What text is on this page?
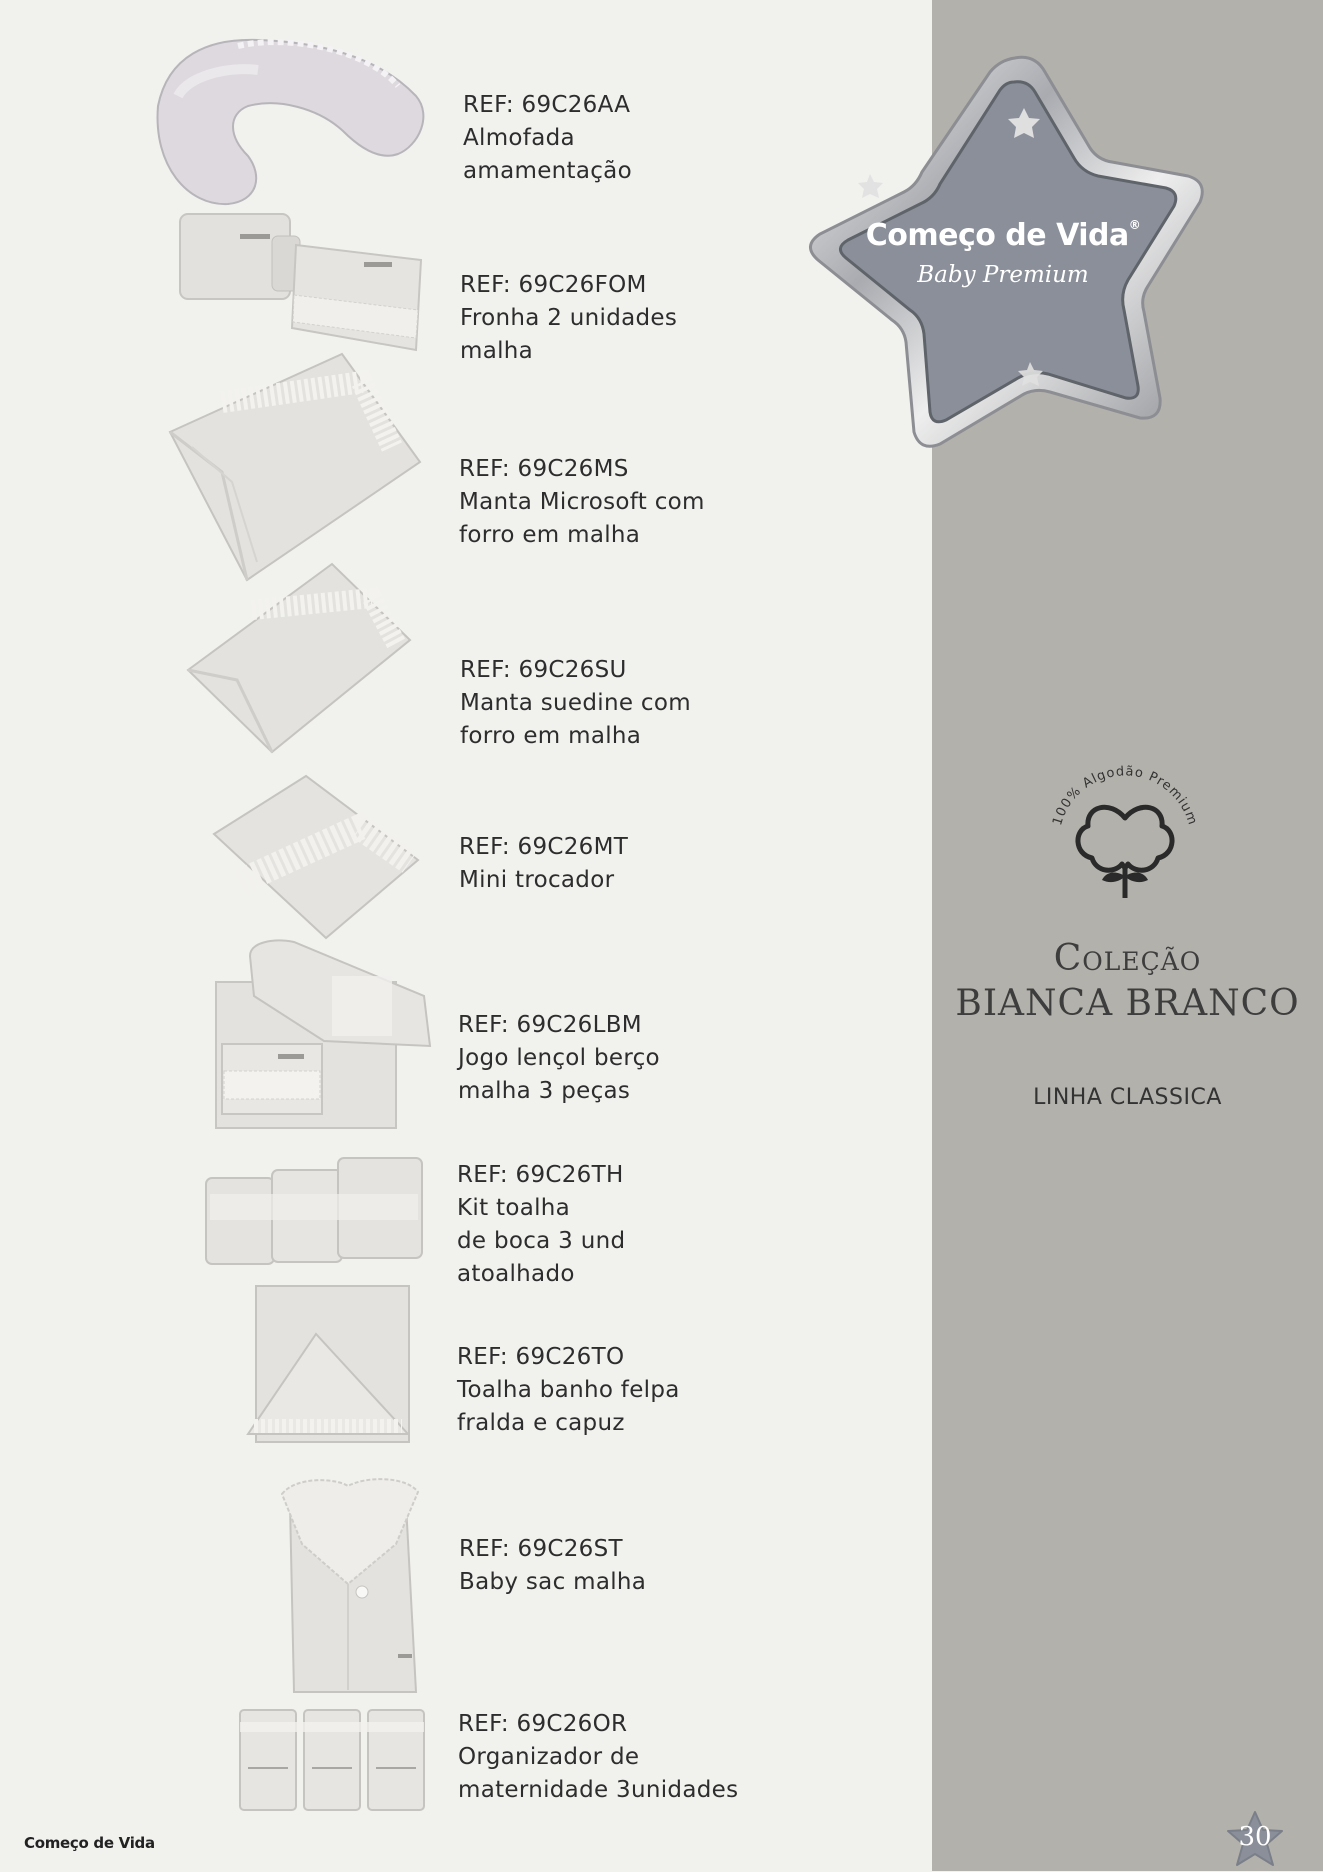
REF: 69C26AA
Almofada
amamentação
REF: 69C26FOM
Fronha 2 unidades
malha
REF: 69C26MS
Manta Microsoft com
forro em malha
REF: 69C26SU
Manta suedine com
forro em malha
REF: 69C26MT
Mini trocador
REF: 69C26LBM
Jogo lençol berço
malha 3 peças
REF: 69C26TH
Kit toalha
de boca 3 und
atoalhado
REF: 69C26TO
Toalha banho felpa
fralda e capuz
REF: 69C26ST
Baby sac malha
REF: 69C26OR
Organizador de
maternidade 3unidades
Começo de Vida®
Baby Premium
100% Algodão Premium
Coleção
BIANCA BRANCO
LINHA CLASSICA
30
Começo de Vida
